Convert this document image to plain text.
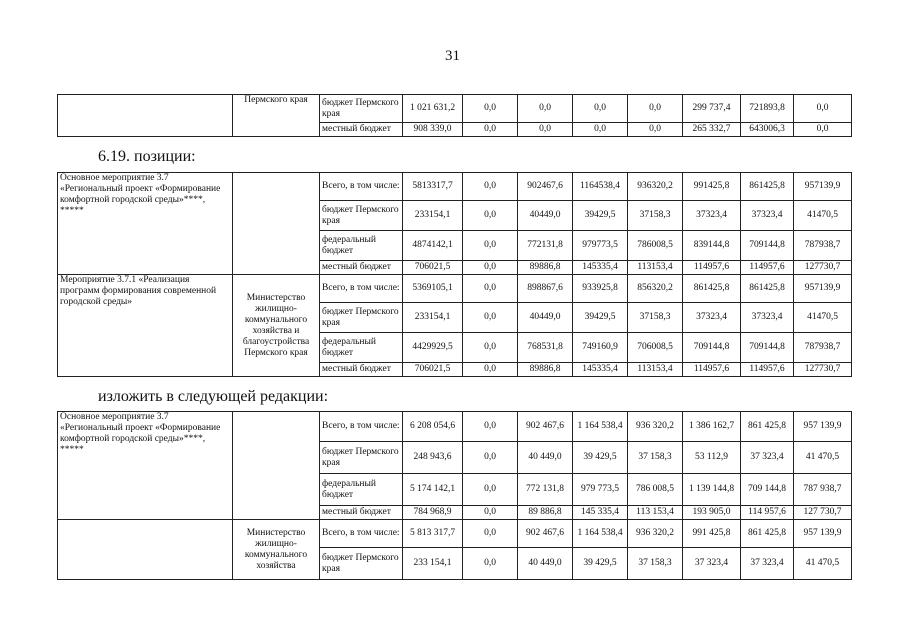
31
	Пермского края	бюджет Пермского края	1 021 631,2	0,0	0,0	0,0	0,0	299 737,4	721893,8	0,0
		местный бюджет	908 339,0	0,0	0,0	0,0	0,0	265 332,7	643006,3	0,0
6.19. позиции:
Основное мероприятие 3.7 «Региональный проект «Формирование комфортной городской среды»****, *****		Всего, в том числе:	5813317,7	0,0	902467,6	1164538,4	936320,2	991425,8	861425,8	957139,9
		бюджет Пермского края	233154,1	0,0	40449,0	39429,5	37158,3	37323,4	37323,4	41470,5
		федеральный бюджет	4874142,1	0,0	772131,8	979773,5	786008,5	839144,8	709144,8	787938,7
		местный бюджет	706021,5	0,0	89886,8	145335,4	113153,4	114957,6	114957,6	127730,7
Мероприятие 3.7.1 «Реализация программ формирования современной городской среды»	Министерство жилищно-коммунального хозяйства и благоустройства Пермского края	Всего, в том числе:	5369105,1	0,0	898867,6	933925,8	856320,2	861425,8	861425,8	957139,9
		бюджет Пермского края	233154,1	0,0	40449,0	39429,5	37158,3	37323,4	37323,4	41470,5
		федеральный бюджет	4429929,5	0,0	768531,8	749160,9	706008,5	709144,8	709144,8	787938,7
		местный бюджет	706021,5	0,0	89886,8	145335,4	113153,4	114957,6	114957,6	127730,7
изложить в следующей редакции:
Основное мероприятие 3.7 «Региональный проект «Формирование комфортной городской среды»****, *****		Всего, в том числе:	6 208 054,6	0,0	902 467,6	1 164 538,4	936 320,2	1 386 162,7	861 425,8	957 139,9
		бюджет Пермского края	248 943,6	0,0	40 449,0	39 429,5	37 158,3	53 112,9	37 323,4	41 470,5
		федеральный бюджет	5 174 142,1	0,0	772 131,8	979 773,5	786 008,5	1 139 144,8	709 144,8	787 938,7
		местный бюджет	784 968,9	0,0	89 886,8	145 335,4	113 153,4	193 905,0	114 957,6	127 730,7
	Министерство жилищно-коммунального хозяйства	Всего, в том числе:	5 813 317,7	0,0	902 467,6	1 164 538,4	936 320,2	991 425,8	861 425,8	957 139,9
		бюджет Пермского края	233 154,1	0,0	40 449,0	39 429,5	37 158,3	37 323,4	37 323,4	41 470,5
